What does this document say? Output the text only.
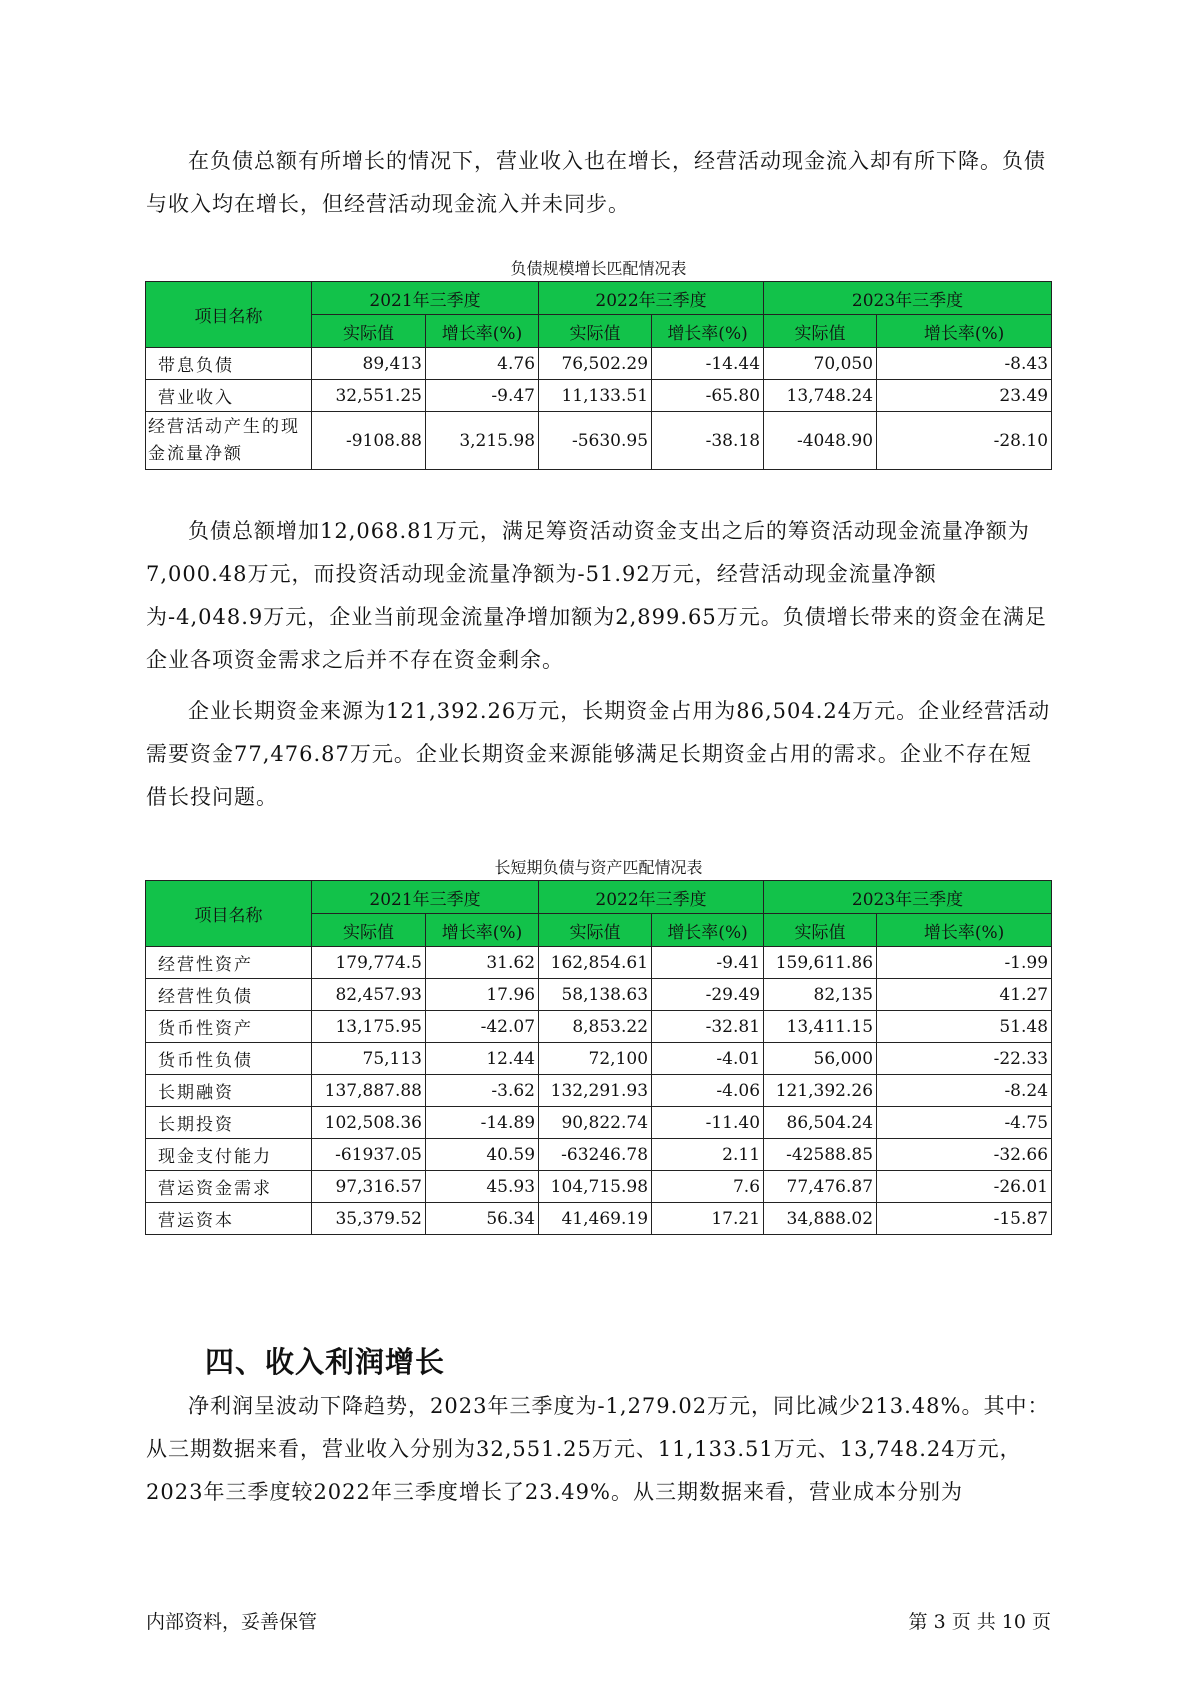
在负债总额有所增长的情况下，营业收入也在增长，经营活动现金流入却有所下降。负债与收入均在增长，但经营活动现金流入并未同步。

负债规模增长匹配情况表

项目名称	2021年三季度		2022年三季度		2023年三季度	
	实际值	增长率(%)	实际值	增长率(%)	实际值	增长率(%)
带息负债	89,413	4.76	76,502.29	-14.44	70,050	-8.43
营业收入	32,551.25	-9.47	11,133.51	-65.80	13,748.24	23.49
经营活动产生的现金流量净额	-9108.88	3,215.98	-5630.95	-38.18	-4048.90	-28.10

负债总额增加12,068.81万元，满足筹资活动资金支出之后的筹资活动现金流量净额为7,000.48万元，而投资活动现金流量净额为-51.92万元，经营活动现金流量净额为-4,048.9万元，企业当前现金流量净增加额为2,899.65万元。负债增长带来的资金在满足企业各项资金需求之后并不存在资金剩余。

企业长期资金来源为121,392.26万元，长期资金占用为86,504.24万元。企业经营活动需要资金77,476.87万元。企业长期资金来源能够满足长期资金占用的需求。企业不存在短借长投问题。

长短期负债与资产匹配情况表

项目名称	2021年三季度		2022年三季度		2023年三季度	
	实际值	增长率(%)	实际值	增长率(%)	实际值	增长率(%)
经营性资产	179,774.5	31.62	162,854.61	-9.41	159,611.86	-1.99
经营性负债	82,457.93	17.96	58,138.63	-29.49	82,135	41.27
货币性资产	13,175.95	-42.07	8,853.22	-32.81	13,411.15	51.48
货币性负债	75,113	12.44	72,100	-4.01	56,000	-22.33
长期融资	137,887.88	-3.62	132,291.93	-4.06	121,392.26	-8.24
长期投资	102,508.36	-14.89	90,822.74	-11.40	86,504.24	-4.75
现金支付能力	-61937.05	40.59	-63246.78	2.11	-42588.85	-32.66
营运资金需求	97,316.57	45.93	104,715.98	7.6	77,476.87	-26.01
营运资本	35,379.52	56.34	41,469.19	17.21	34,888.02	-15.87
四、收入利润增长

净利润呈波动下降趋势，2023年三季度为-1,279.02万元，同比减少213.48%。其中：从三期数据来看，营业收入分别为32,551.25万元、11,133.51万元、13,748.24万元，2023年三季度较2022年三季度增长了23.49%。从三期数据来看，营业成本分别为

内部资料，妥善保管	第 3 页 共 10 页
